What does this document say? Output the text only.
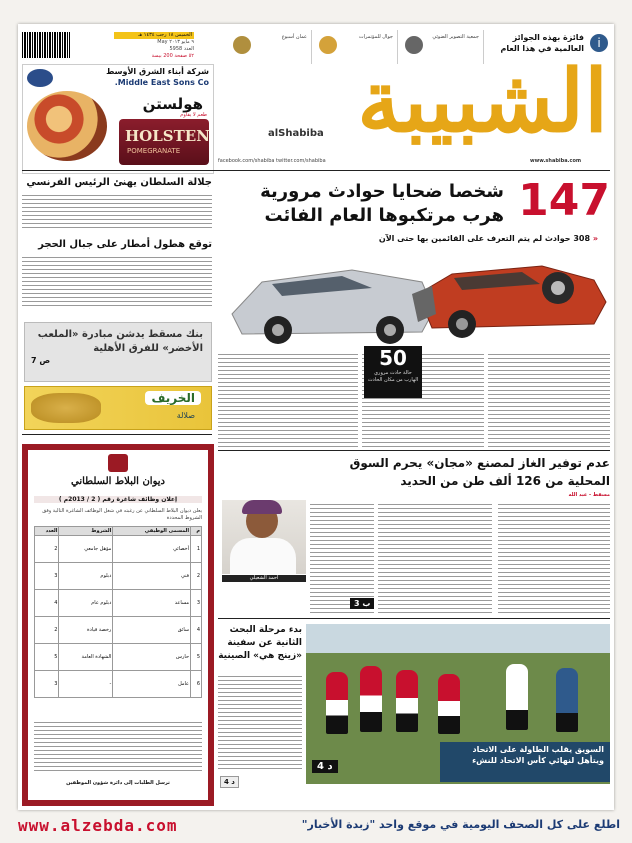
الخميس ١٨ رجب ١٤٣٤ هـ
٩ مايو ٢٠١٣ May
العدد 5958
٥٢ صفحة 200 بيسة
i
فائزة بهذه الجوائز العالمية في هذا العام
جمعية التصوير الضوئي
جوال للمؤتمرات
عمان أسبوع
شركة أبناء الشرق الأوسط
Middle East Sons Co.
هولستن
HOLSTEN
POMEGRANATE
طعم لا يقاوم	الشبيبة
alShabiba
facebook.com/shabiba twitter.com/shabiba	www.shabiba.com
جلالة السلطان يهنئ الرئيس الفرنسي
توقع هطول أمطار على جبال الحجر
بنك مسقط يدشن مبادرة «الملعب الأخضر» للفرق الأهلية
ص 7
الخريف
صلالة
147
شخصا ضحايا حوادث مرورية
هرب مرتكبوها العام الفائت
« 308 حوادث لم يتم التعرف على القائمين بها حتى الآن
50
حالة حادث مروري الهارب من مكان الحادث
ديوان البلاط السلطاني
إعلان وظائف شاغرة رقم ( 2 / 2013م )
يعلن ديوان البلاط السلطاني عن رغبته في شغل الوظائف الشاغرة التالية وفق الشروط المحددة
م	المسمى الوظيفي	الشروط	العدد
1	أخصائي	مؤهل جامعي	2
2	فني	دبلوم	3
3	مساعد	دبلوم عام	4
4	سائق	رخصة قيادة	2
5	حارس	الشهادة العامة	5
6	عامل	-	3
ترسل الطلبات إلى دائرة شؤون الموظفين
عدم توفير الغاز لمصنع «مجان» يحرم السوق
المحلية من 126 ألف طن من الحديد
مسقط - عبد الله
أحمد الشعيلي
ب 3
بدء مرحلة البحث الثانية عن سفينة «زينج هي» الصينية
د 4
السويق يقلب الطاولة على الاتحاد ويتأهل لنهائي كأس الاتحاد للنشء
د 4
www.alzebda.com	اطلع على كل الصحف اليومية في موقع واحد "زبدة الأخبار"
